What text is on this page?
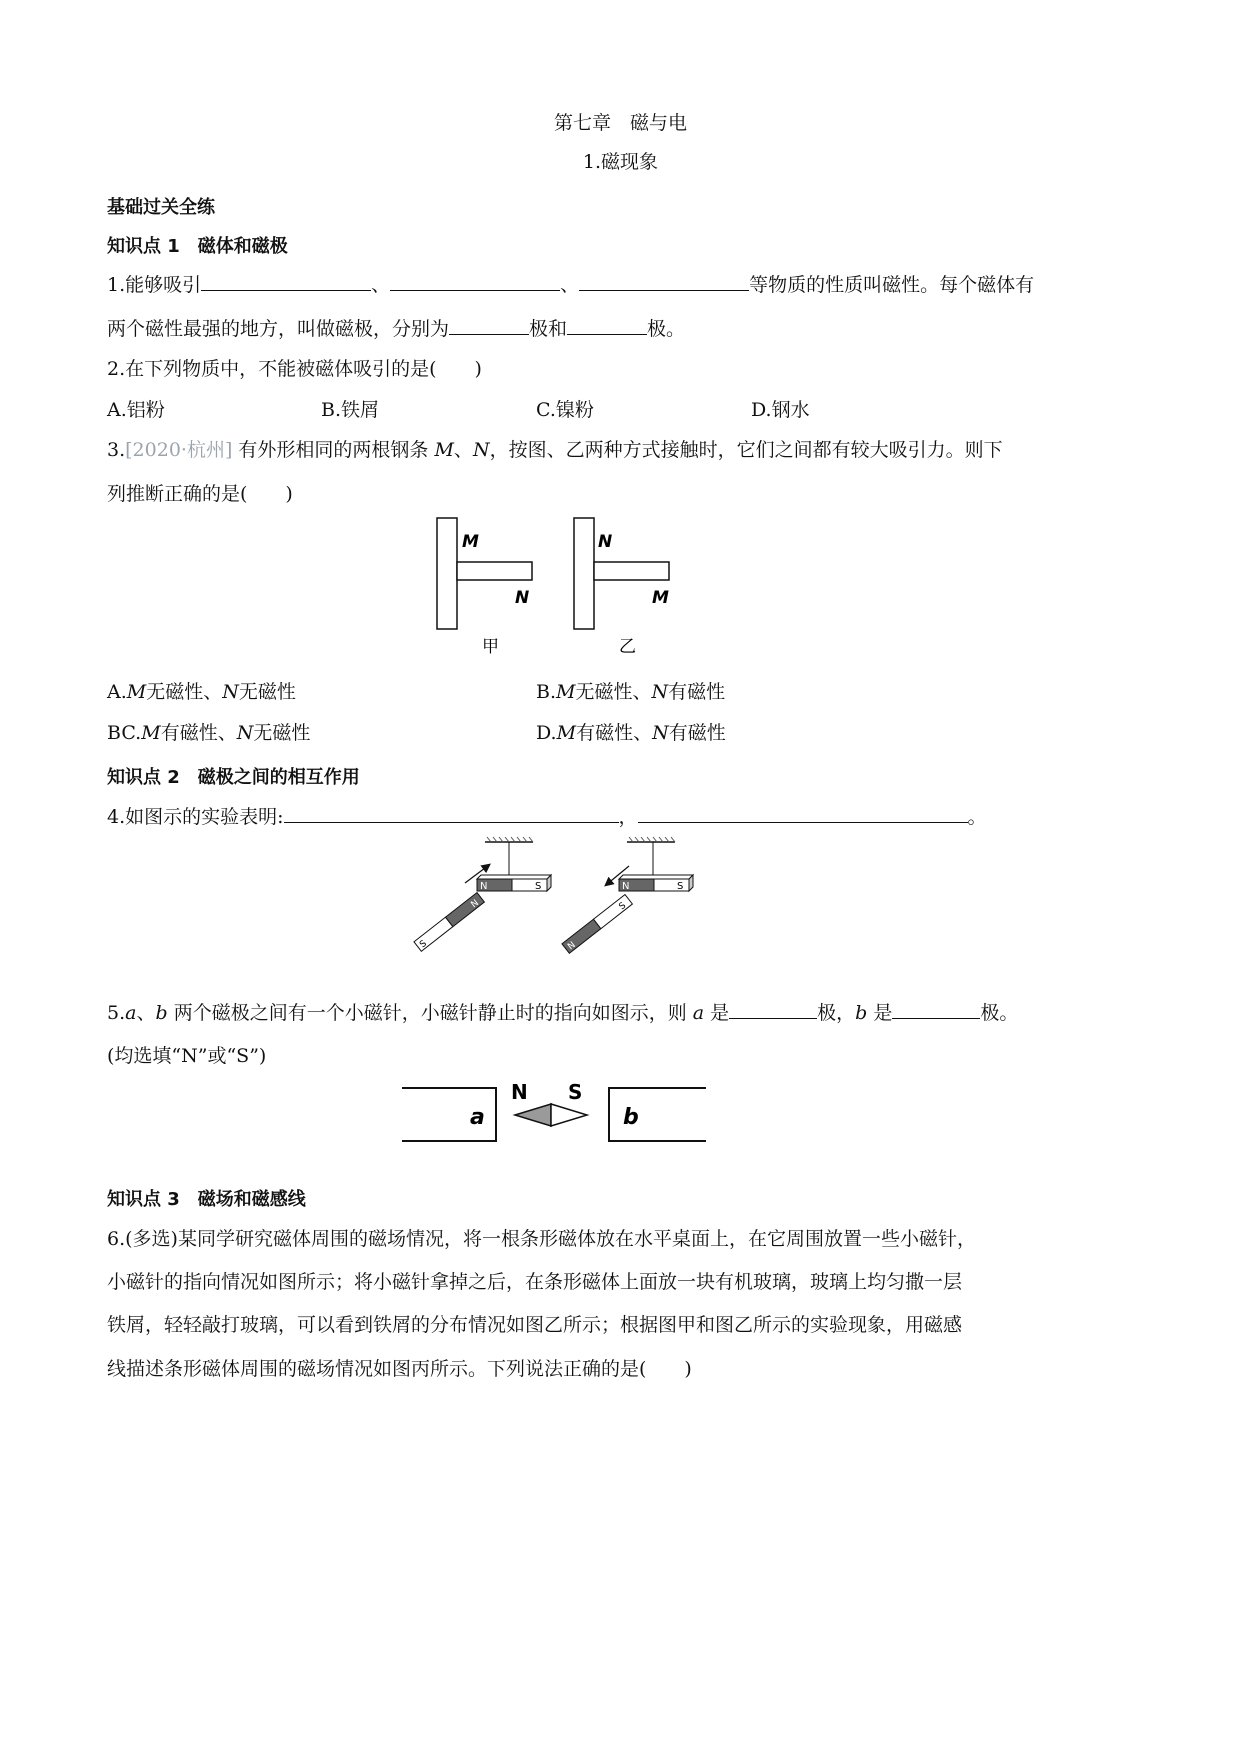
第七章　磁与电
1.磁现象
基础过关全练
知识点 1　磁体和磁极
1.能够吸引	、	、	等物质的性质叫磁性。每个磁体有
两个磁性最强的地方，叫做磁极，分别为	极和	极。
2.在下列物质中，不能被磁体吸引的是(　　)
A.铝粉	B.铁屑	C.镍粉	D.钢水
3.[2020·杭州] 有外形相同的两根钢条 M、N，按图、乙两种方式接触时，它们之间都有较大吸引力。则下
列推断正确的是(　　)
M
N
甲
N
M
乙
A.M无磁性、N无磁性	B.M无磁性、N有磁性
BC.M有磁性、N无磁性	D.M有磁性、N有磁性
知识点 2　磁极之间的相互作用
4.如图示的实验表明:	，	。
N	S
S
N
N	S
N
S
5.a、b 两个磁极之间有一个小磁针，小磁针静止时的指向如图示，则 a 是	极，b 是	极。
(均选填“N”或“S”)
a	b
N S
知识点 3　磁场和磁感线
6.(多选)某同学研究磁体周围的磁场情况，将一根条形磁体放在水平桌面上，在它周围放置一些小磁针，
小磁针的指向情况如图所示；将小磁针拿掉之后，在条形磁体上面放一块有机玻璃，玻璃上均匀撒一层
铁屑，轻轻敲打玻璃，可以看到铁屑的分布情况如图乙所示；根据图甲和图乙所示的实验现象，用磁感
线描述条形磁体周围的磁场情况如图丙所示。下列说法正确的是(　　)
